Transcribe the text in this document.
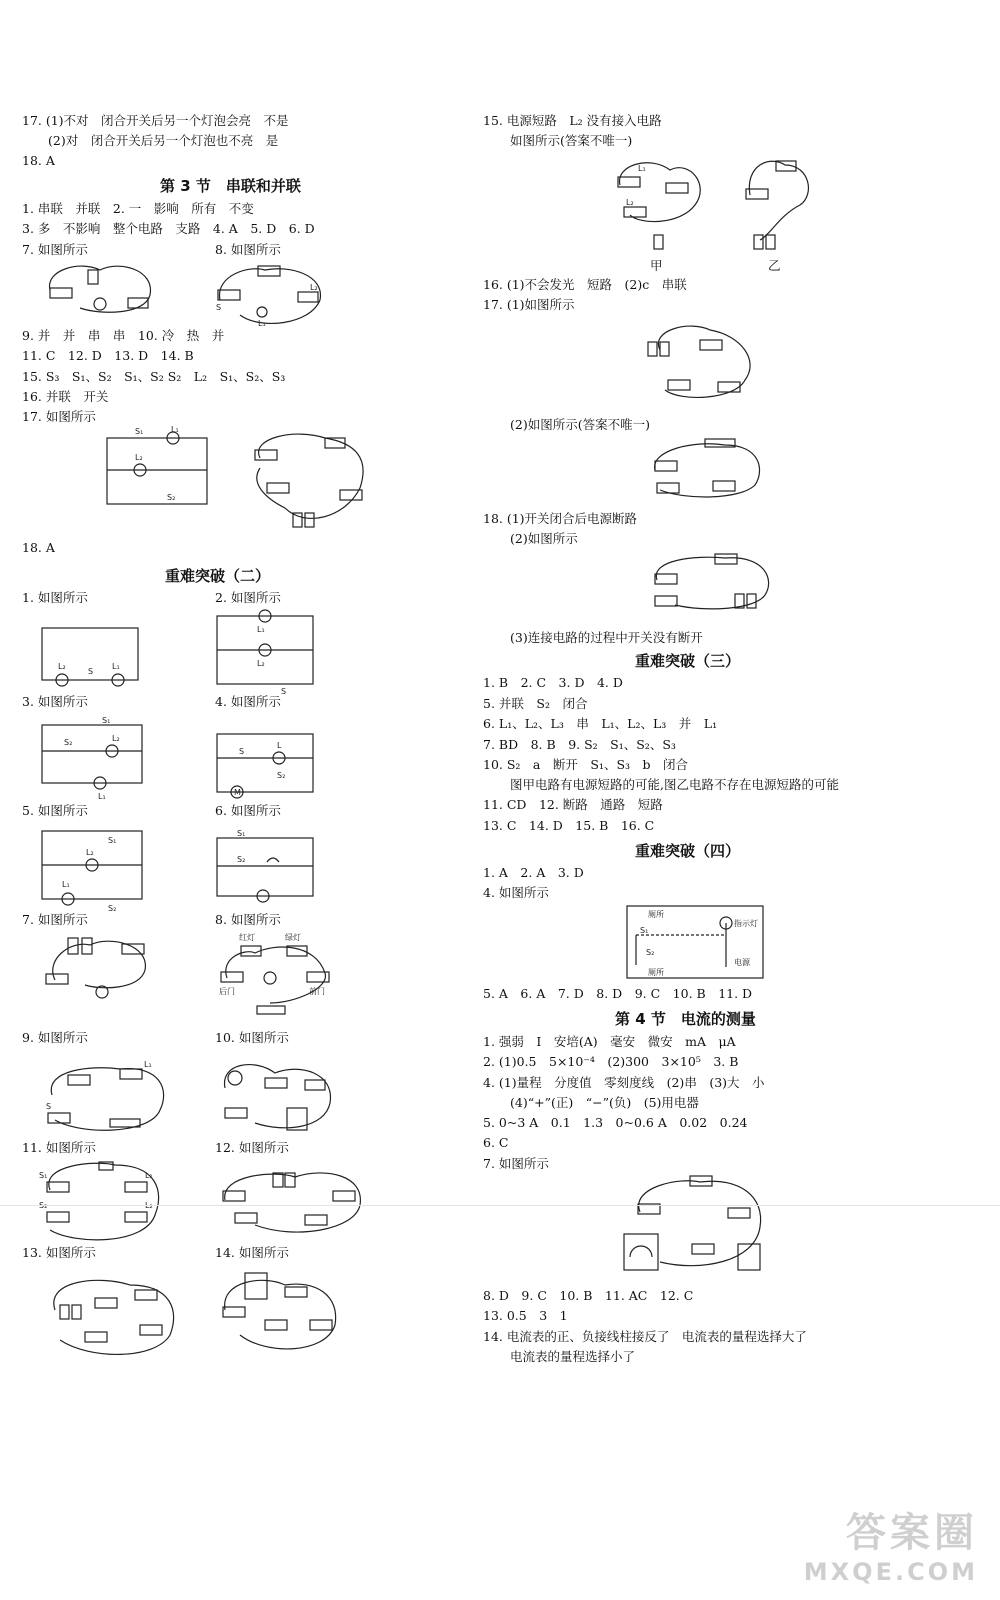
17. (1)不对　闭合开关后另一个灯泡会亮　不是
(2)对　闭合开关后另一个灯泡也不亮　是
18. A
第 3 节　串联和并联
1. 串联　并联　2. 一　影响　所有　不变
3. 多　不影响　整个电路　支路　4. A　5. D　6. D
7. 如图所示	8. 如图所示
S
L₁
L₂
9. 并　并　串　串　10. 冷　热　并
11. C　12. D　13. D　14. B
15. S₃　S₁、S₂　S₁、S₂ S₂　L₂　S₁、S₂、S₃
16. 并联　开关
17. 如图所示
S₁	L₁
L₂
S₂
18. A
重难突破（二）
1. 如图所示	2. 如图所示
L₂
S
L₁
L₁
L₂
S
3. 如图所示	4. 如图所示
S₁
S₂	L₂
L₁
S
L
S₂
M
5. 如图所示	6. 如图所示
S₁
L₂
L₁
S₂
S₁
S₂
7. 如图所示	8. 如图所示
红灯	绿灯
后门	前门
9. 如图所示	10. 如图所示
L₁
S
11. 如图所示	12. 如图所示
S₁	L₁
13. 如图所示	14. 如图所示
15. 电源短路　L₂ 没有接入电路
如图所示(答案不唯一)
L₁
L₂
甲	乙
16. (1)不会发光　短路　(2)c　串联
17. (1)如图所示
(2)如图所示(答案不唯一)
18. (1)开关闭合后电源断路
(2)如图所示
(3)连接电路的过程中开关没有断开
重难突破（三）
1. B　2. C　3. D　4. D
5. 并联　S₂　闭合
6. L₁、L₂、L₃　串　L₁、L₂、L₃　并　L₁
7. BD　8. B　9. S₂　S₁、S₂、S₃
10. S₂　a　断开　S₁、S₃　b　闭合
图甲电路有电源短路的可能,图乙电路不存在电源短路的可能
11. CD　12. 断路　通路　短路
13. C　14. D　15. B　16. C
重难突破（四）
1. A　2. A　3. D
4. 如图所示
厕所
厕所
指示灯
电源
S₁
S₂
5. A　6. A　7. D　8. D　9. C　10. B　11. D
第 4 节　电流的测量
1. 强弱　I　安培(A)　毫安　微安　mA　μA
2. (1)0.5　5×10⁻⁴　(2)300　3×10⁵　3. B
4. (1)量程　分度值　零刻度线　(2)串　(3)大　小
(4)“+”(正)　“−”(负)　(5)用电器
5. 0~3 A　0.1　1.3　0~0.6 A　0.02　0.24
6. C
7. 如图所示
8. D　9. C　10. B　11. AC　12. C
13. 0.5　3　1
14. 电流表的正、负接线柱接反了　电流表的量程选择大了
电流表的量程选择小了
答案圈
MXQE.COM
